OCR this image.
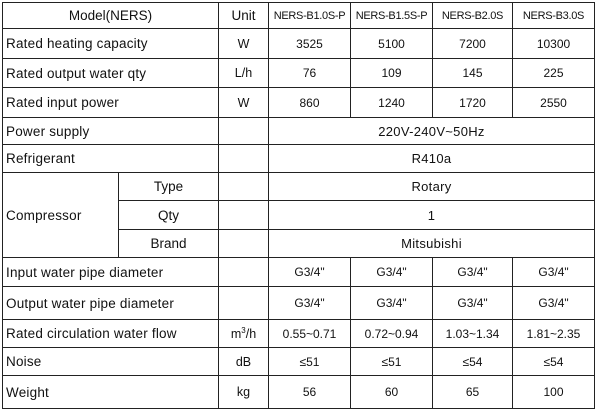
Model(NERS)		Unit	NERS-B1.0S-P	NERS-B1.5S-P	NERS-B2.0S	NERS-B3.0S
Rated heating capacity		W	3525	5100	7200	10300
Rated output water qty		L/h	76	109	145	225
Rated input power		W	860	1240	1720	2550
Power supply			220V-240V~50Hz			
Refrigerant			R410a			
Compressor	Type		Rotary			
	Qty		1			
	Brand		Mitsubishi			
Input water pipe diameter			G3/4"	G3/4"	G3/4"	G3/4"
Output water pipe diameter			G3/4"	G3/4"	G3/4"	G3/4"
Rated circulation water flow		$m^3/h$	0.55~0.71	0.72~0.94	1.03~1.34	1.81~2.35
Noise		dB	≤51	≤51	≤54	≤54
Weight		kg	56	60	65	100
